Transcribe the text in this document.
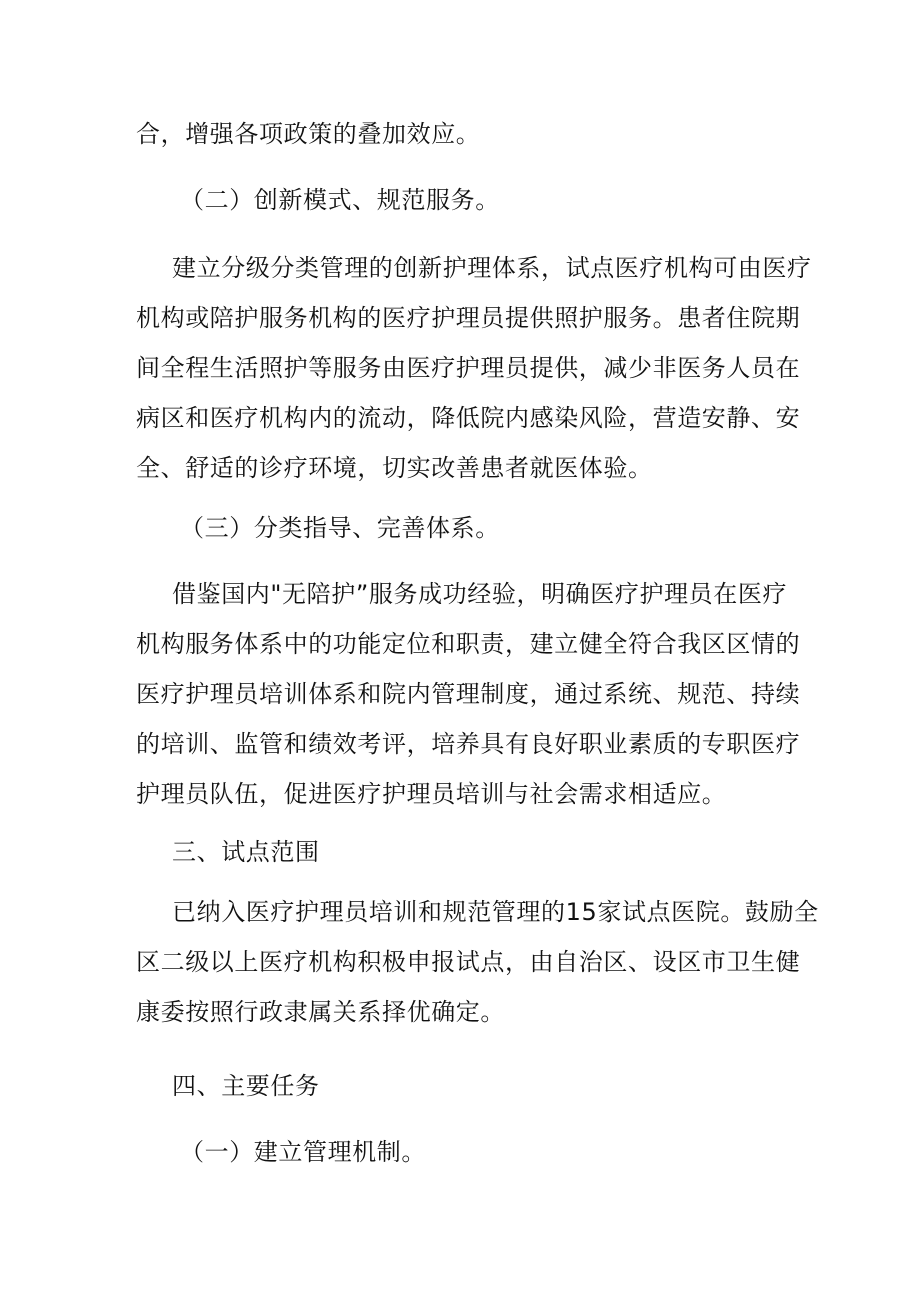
合，增强各项政策的叠加效应。
（二）创新模式、规范服务。
建立分级分类管理的创新护理体系，试点医疗机构可由医疗
机构或陪护服务机构的医疗护理员提供照护服务。患者住院期
间全程生活照护等服务由医疗护理员提供，减少非医务人员在
病区和医疗机构内的流动，降低院内感染风险，营造安静、安
全、舒适的诊疗环境，切实改善患者就医体验。
（三）分类指导、完善体系。
借鉴国内"无陪护”服务成功经验，明确医疗护理员在医疗
机构服务体系中的功能定位和职责，建立健全符合我区区情的
医疗护理员培训体系和院内管理制度，通过系统、规范、持续
的培训、监管和绩效考评，培养具有良好职业素质的专职医疗
护理员队伍，促进医疗护理员培训与社会需求相适应。
三、试点范围
已纳入医疗护理员培训和规范管理的15家试点医院。鼓励全
区二级以上医疗机构积极申报试点，由自治区、设区市卫生健
康委按照行政隶属关系择优确定。
四、主要任务
（一）建立管理机制。
